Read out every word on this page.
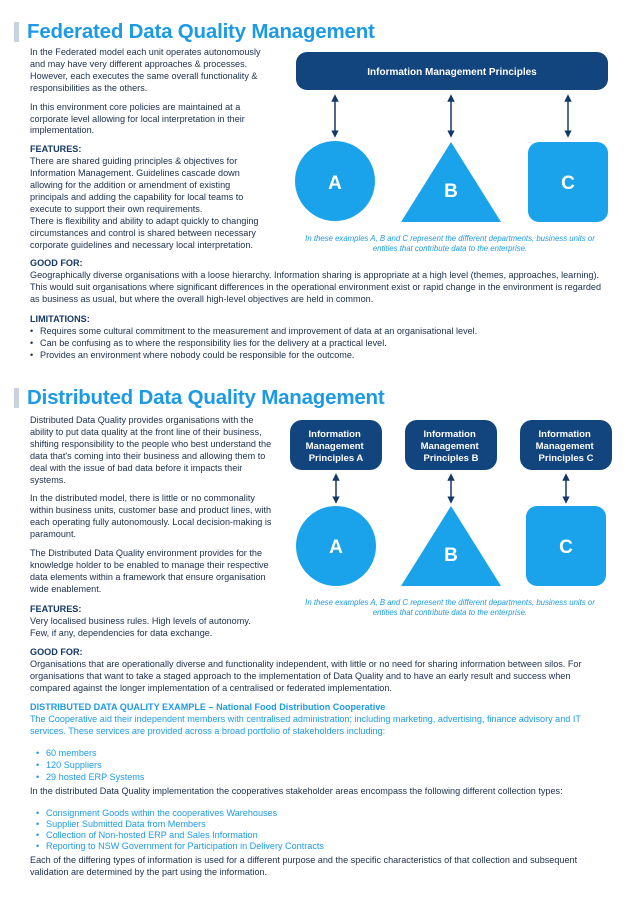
Federated Data Quality Management

In the Federated model each unit operates autonomously and may have very different approaches & processes. However, each executes the same overall functionality & responsibilities as the others.

In this environment core policies are maintained at a corporate level allowing for local interpretation in their implementation.

FEATURES:
There are shared guiding principles & objectives for Information Management. Guidelines cascade down allowing for the addition or amendment of existing principals and adding the capability for local teams to execute to support their own requirements.
There is flexibility and ability to adapt quickly to changing circumstances and control is shared between necessary corporate guidelines and necessary local interpretation.
Information Management Principles
A	B	C
In these examples A, B and C represent the different departments, business units or entities that contribute data to the enterprise.
GOOD FOR:
Geographically diverse organisations with a loose hierarchy. Information sharing is appropriate at a high level (themes, approaches, learning). This would suit organisations where significant differences in the operational environment exist or rapid change in the environment is regarded as business as usual, but where the overall high-level objectives are held in common.
LIMITATIONS:
• Requires some cultural commitment to the measurement and improvement of data at an organisational level.
• Can be confusing as to where the responsibility lies for the delivery at a practical level.
• Provides an environment where nobody could be responsible for the outcome.
Distributed Data Quality Management

Distributed Data Quality provides organisations with the ability to put data quality at the front line of their business, shifting responsibility to the people who best understand the data that's coming into their business and allowing them to deal with the issue of bad data before it impacts their systems.

In the distributed model, there is little or no commonality within business units, customer base and product lines, with each operating fully autonomously. Local decision-making is paramount.

The Distributed Data Quality environment provides for the knowledge holder to be enabled to manage their respective data elements within a framework that ensure organisation wide enablement.

FEATURES:
Very localised business rules. High levels of autonomy. Few, if any, dependencies for data exchange.
Information Management Principles A
Information Management Principles B
Information Management Principles C
A	B	C
In these examples A, B and C represent the different departments, business units or entities that contribute data to the enterprise.
GOOD FOR:
Organisations that are operationally diverse and functionality independent, with little or no need for sharing information between silos. For organisations that want to take a staged approach to the implementation of Data Quality and to have an early result and success when compared against the longer implementation of a centralised or federated implementation.
DISTRIBUTED DATA QUALITY EXAMPLE – National Food Distribution Cooperative
The Cooperative aid their independent members with centralised administration; including marketing, advertising, finance advisory and IT services. These services are provided across a broad portfolio of stakeholders including:
• 60 members
• 120 Suppliers
• 29 hosted ERP Systems
In the distributed Data Quality implementation the cooperatives stakeholder areas encompass the following different collection types:
• Consignment Goods within the cooperatives Warehouses
• Supplier Submitted Data from Members
• Collection of Non-hosted ERP and Sales Information
• Reporting to NSW Government for Participation in Delivery Contracts
Each of the differing types of information is used for a different purpose and the specific characteristics of that collection and subsequent validation are determined by the part using the information.
